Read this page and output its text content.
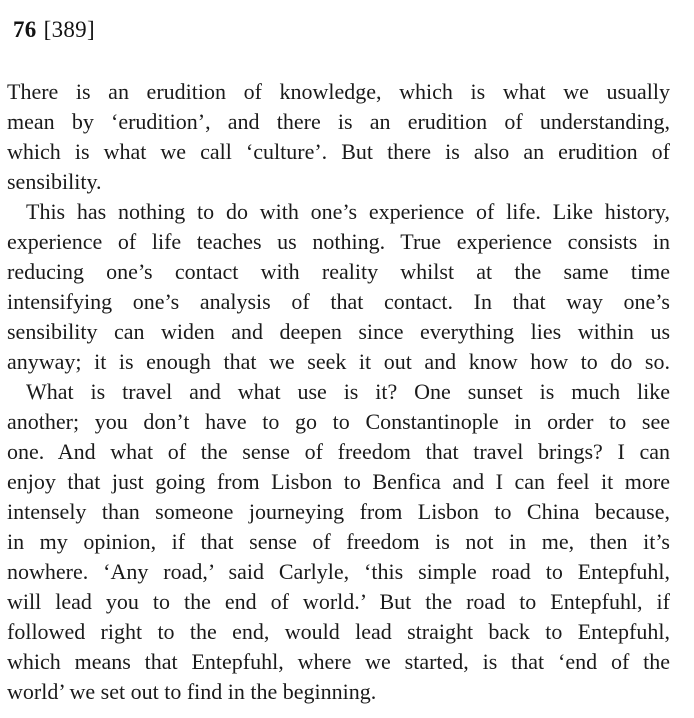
76 [389]
There is an erudition of knowledge, which is what we usually
mean by ‘erudition’, and there is an erudition of understanding,
which is what we call ‘culture’. But there is also an erudition of
sensibility.
This has nothing to do with one’s experience of life. Like history,
experience of life teaches us nothing. True experience consists in
reducing one’s contact with reality whilst at the same time
intensifying one’s analysis of that contact. In that way one’s
sensibility can widen and deepen since everything lies within us
anyway; it is enough that we seek it out and know how to do so.
What is travel and what use is it? One sunset is much like
another; you don’t have to go to Constantinople in order to see
one. And what of the sense of freedom that travel brings? I can
enjoy that just going from Lisbon to Benfica and I can feel it more
intensely than someone journeying from Lisbon to China because,
in my opinion, if that sense of freedom is not in me, then it’s
nowhere. ‘Any road,’ said Carlyle, ‘this simple road to Entepfuhl,
will lead you to the end of world.’ But the road to Entepfuhl, if
followed right to the end, would lead straight back to Entepfuhl,
which means that Entepfuhl, where we started, is that ‘end of the
world’ we set out to find in the beginning.
